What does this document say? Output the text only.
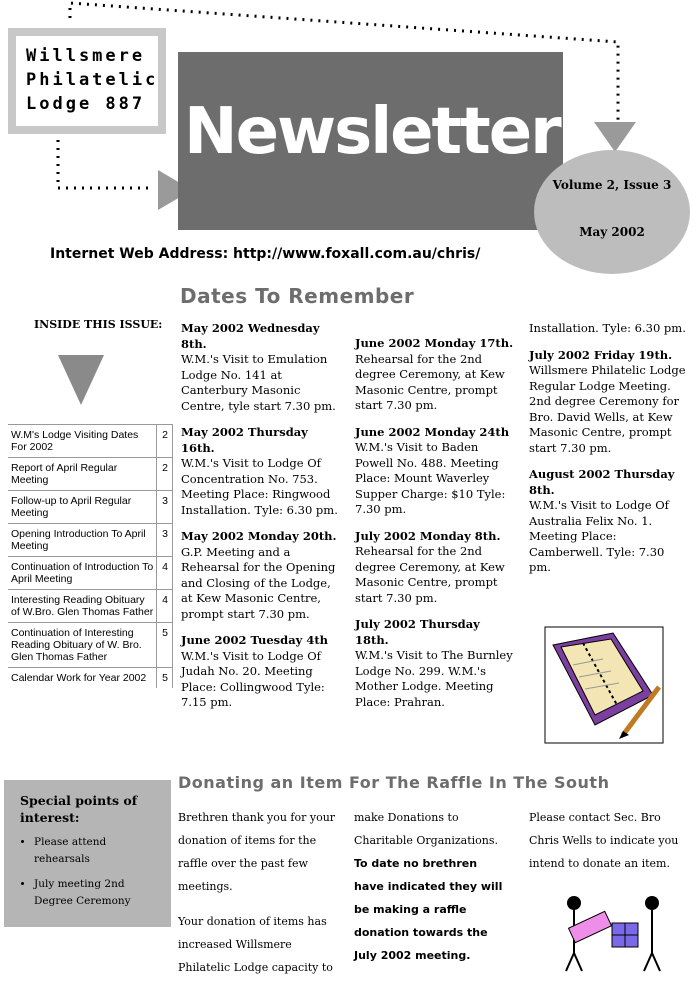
Willsmere
Philatelic
Lodge 887 Newsletter
Volume 2, Issue 3
May 2002
Internet Web Address: http://www.foxall.com.au/chris/
Dates To Remember
INSIDE THIS ISSUE:
W.M's Lodge Visiting Dates For 2002	2
Report of April Regular Meeting	2
Follow-up to April Regular Meeting	3
Opening Introduction To April Meeting	3
Continuation of Introduction To April Meeting	4
Interesting Reading Obituary of W.Bro. Glen Thomas Father	4
Continuation of Interesting Reading Obituary of W. Bro. Glen Thomas Father	5
Calendar Work for Year 2002	5

May 2002 Wednesday 8th.
W.M.'s Visit to Emulation Lodge No. 141 at Canterbury Masonic Centre, tyle start 7.30 pm.

May 2002 Thursday 16th.
W.M.'s Visit to Lodge Of Concentration No. 753. Meeting Place: Ringwood Installation. Tyle: 6.30 pm.

May 2002 Monday 20th.
G.P. Meeting and a Rehearsal for the Opening and Closing of the Lodge, at Kew Masonic Centre, prompt start 7.30 pm.

June 2002 Tuesday 4th
W.M.'s Visit to Lodge Of Judah No. 20. Meeting Place: Collingwood Tyle: 7.15 pm.

June 2002 Monday 17th.
Rehearsal for the 2nd degree Ceremony, at Kew Masonic Centre, prompt start 7.30 pm.

June 2002 Monday 24th
W.M.'s Visit to Baden Powell No. 488. Meeting Place: Mount Waverley Supper Charge: $10 Tyle: 7.30 pm.

July 2002 Monday 8th.
Rehearsal for the 2nd degree Ceremony, at Kew Masonic Centre, prompt start 7.30 pm.

July 2002 Thursday 18th.
W.M.'s Visit to The Burnley Lodge No. 299. W.M.'s Mother Lodge. Meeting Place: Prahran.

Installation. Tyle: 6.30 pm.

July 2002 Friday 19th.
Willsmere Philatelic Lodge Regular Lodge Meeting. 2nd degree Ceremony for Bro. David Wells, at Kew Masonic Centre, prompt start 7.30 pm.

August 2002 Thursday 8th.
W.M.'s Visit to Lodge Of Australia Felix No. 1. Meeting Place: Camberwell. Tyle: 7.30 pm.

Donating an Item For The Raffle In The South
Special points of interest:
• Please attend rehearsals
• July meeting 2nd Degree Ceremony

Brethren thank you for your donation of items for the raffle over the past few meetings.

Your donation of items has increased Willsmere Philatelic Lodge capacity to

make Donations to Charitable Organizations.

To date no brethren have indicated they will be making a raffle donation towards the July 2002 meeting.

Please contact Sec. Bro Chris Wells to indicate you intend to donate an item.
